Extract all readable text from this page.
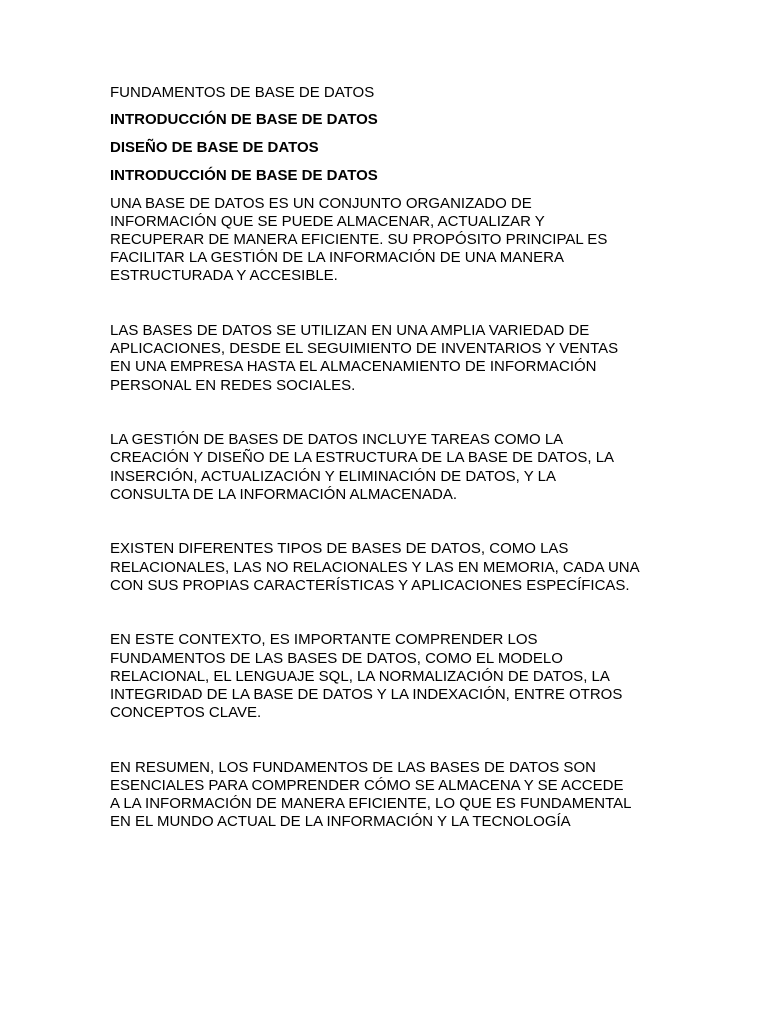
FUNDAMENTOS DE BASE DE DATOS
INTRODUCCIÓN DE BASE DE DATOS
DISEÑO DE BASE DE DATOS
INTRODUCCIÓN DE BASE DE DATOS
UNA BASE DE DATOS ES UN CONJUNTO ORGANIZADO DE
INFORMACIÓN QUE SE PUEDE ALMACENAR, ACTUALIZAR Y
RECUPERAR DE MANERA EFICIENTE. SU PROPÓSITO PRINCIPAL ES
FACILITAR LA GESTIÓN DE LA INFORMACIÓN DE UNA MANERA
ESTRUCTURADA Y ACCESIBLE.
LAS BASES DE DATOS SE UTILIZAN EN UNA AMPLIA VARIEDAD DE
APLICACIONES, DESDE EL SEGUIMIENTO DE INVENTARIOS Y VENTAS
EN UNA EMPRESA HASTA EL ALMACENAMIENTO DE INFORMACIÓN
PERSONAL EN REDES SOCIALES.
LA GESTIÓN DE BASES DE DATOS INCLUYE TAREAS COMO LA
CREACIÓN Y DISEÑO DE LA ESTRUCTURA DE LA BASE DE DATOS, LA
INSERCIÓN, ACTUALIZACIÓN Y ELIMINACIÓN DE DATOS, Y LA
CONSULTA DE LA INFORMACIÓN ALMACENADA.
EXISTEN DIFERENTES TIPOS DE BASES DE DATOS, COMO LAS
RELACIONALES, LAS NO RELACIONALES Y LAS EN MEMORIA, CADA UNA
CON SUS PROPIAS CARACTERÍSTICAS Y APLICACIONES ESPECÍFICAS.
EN ESTE CONTEXTO, ES IMPORTANTE COMPRENDER LOS
FUNDAMENTOS DE LAS BASES DE DATOS, COMO EL MODELO
RELACIONAL, EL LENGUAJE SQL, LA NORMALIZACIÓN DE DATOS, LA
INTEGRIDAD DE LA BASE DE DATOS Y LA INDEXACIÓN, ENTRE OTROS
CONCEPTOS CLAVE.
EN RESUMEN, LOS FUNDAMENTOS DE LAS BASES DE DATOS SON
ESENCIALES PARA COMPRENDER CÓMO SE ALMACENA Y SE ACCEDE
A LA INFORMACIÓN DE MANERA EFICIENTE, LO QUE ES FUNDAMENTAL
EN EL MUNDO ACTUAL DE LA INFORMACIÓN Y LA TECNOLOGÍA
